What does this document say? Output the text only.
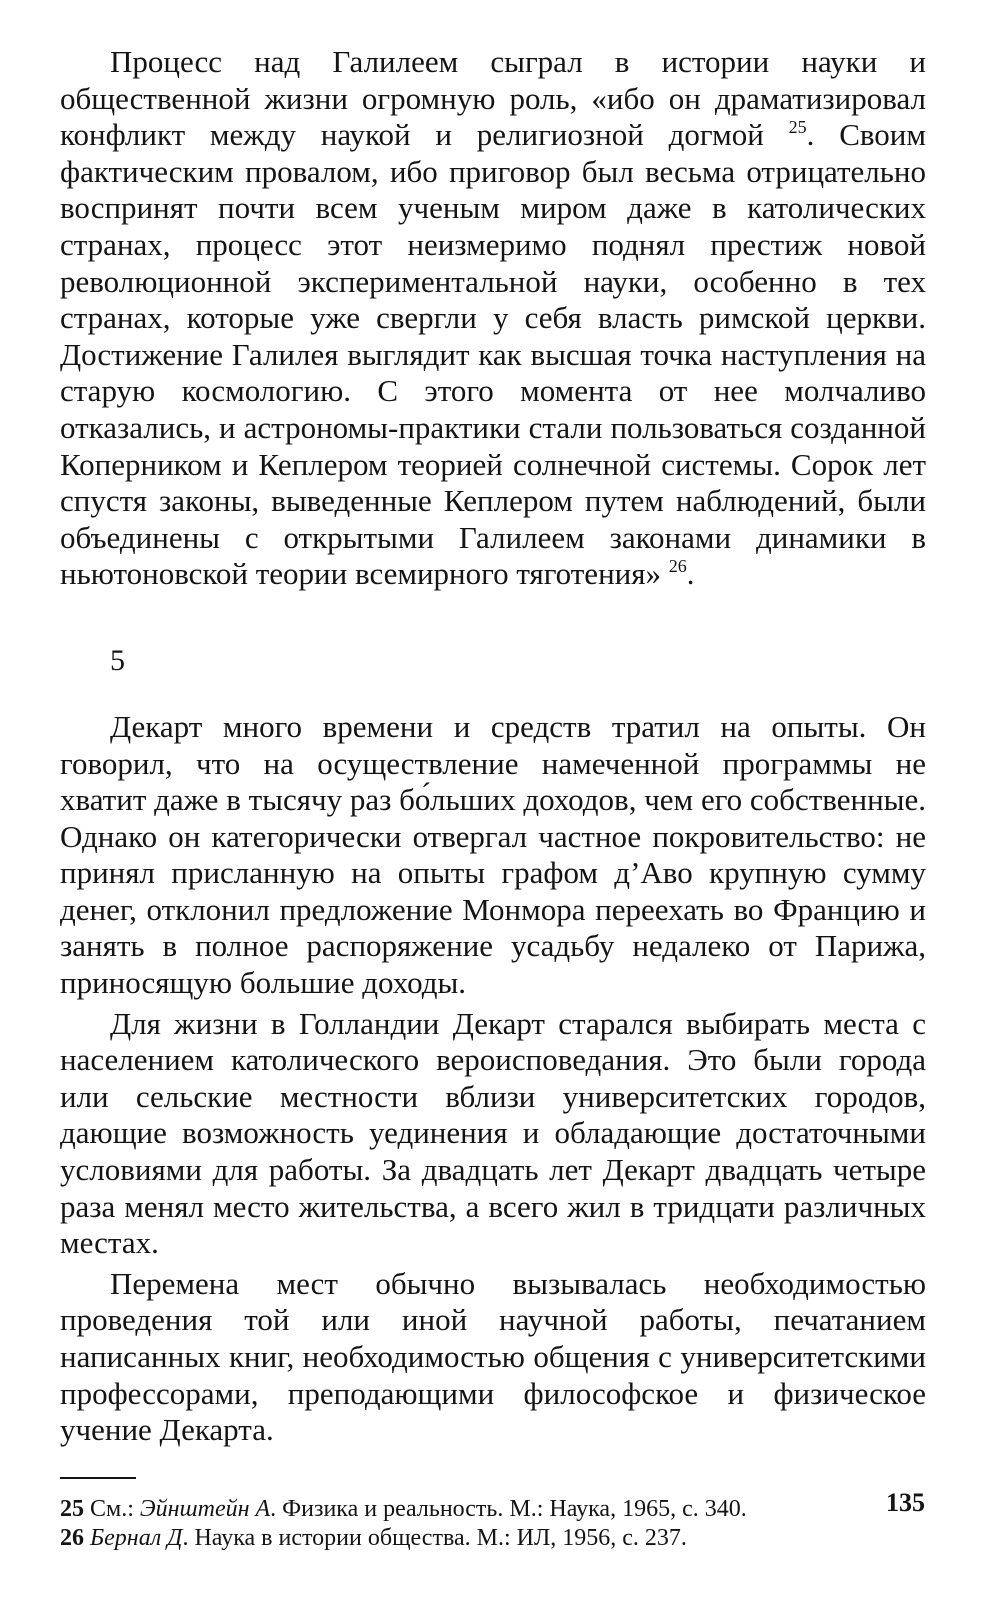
Процесс над Галилеем сыграл в истории науки и общественной жизни огромную роль, «ибо он драматизировал конфликт между наукой и религиозной догмой $^{25}$. Своим фактическим провалом, ибо приговор был весьма отрицательно воспринят почти всем ученым миром даже в католических странах, процесс этот неизмеримо поднял престиж новой революционной экспериментальной науки, особенно в тех странах, которые уже свергли у себя власть римской церкви. Достижение Галилея выглядит как высшая точка наступления на старую космологию. С этого момента от нее молчаливо отказались, и астрономы-практики стали пользоваться созданной Коперником и Кеплером теорией солнечной системы. Сорок лет спустя законы, выведенные Кеплером путем наблюдений, были объединены с открытыми Галилеем законами динамики в ньютоновской теории всемирного тяготения» $^{26}$.

5

Декарт много времени и средств тратил на опыты. Он говорил, что на осуществление намеченной программы не хватит даже в тысячу раз бо́льших доходов, чем его собственные. Однако он категорически отвергал частное покровительство: не принял присланную на опыты графом д’Аво крупную сумму денег, отклонил предложение Монмора переехать во Францию и занять в полное распоряжение усадьбу недалеко от Парижа, приносящую большие доходы.

Для жизни в Голландии Декарт старался выбирать места с населением католического вероисповедания. Это были города или сельские местности вблизи университетских городов, дающие возможность уединения и обладающие достаточными условиями для работы. За двадцать лет Декарт двадцать четыре раза менял место жительства, а всего жил в тридцати различных местах.

Перемена мест обычно вызывалась необходимостью проведения той или иной научной работы, печатанием написанных книг, необходимостью общения с университетскими профессорами, преподающими философское и физическое учение Декарта.

25 См.: Эйнштейн А. Физика и реальность. М.: Наука, 1965, с. 340.

26 Бернал Д. Наука в истории общества. М.: ИЛ, 1956, с. 237.

135
